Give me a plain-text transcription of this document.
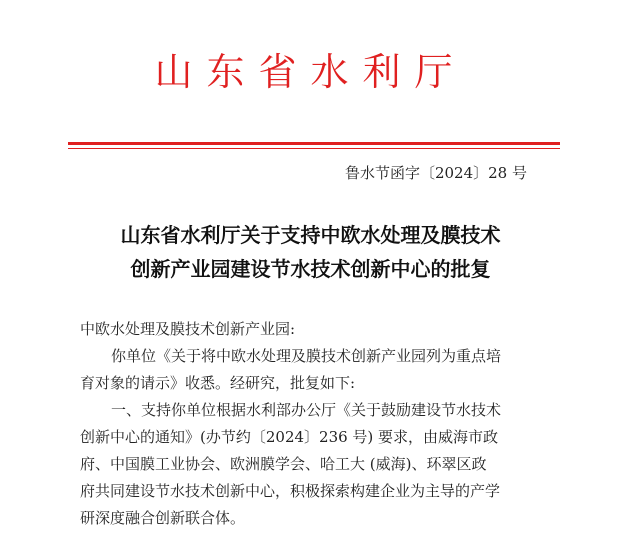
山东省水利厅
鲁水节函字〔2024〕28 号
山东省水利厅关于支持中欧水处理及膜技术
创新产业园建设节水技术创新中心的批复
中欧水处理及膜技术创新产业园:
你单位《关于将中欧水处理及膜技术创新产业园列为重点培
育对象的请示》收悉。经研究，批复如下:
一、支持你单位根据水利部办公厅《关于鼓励建设节水技术
创新中心的通知》(办节约〔2024〕236 号) 要求，由威海市政
府、中国膜工业协会、欧洲膜学会、哈工大 (威海)、环翠区政
府共同建设节水技术创新中心，积极探索构建企业为主导的产学
研深度融合创新联合体。
